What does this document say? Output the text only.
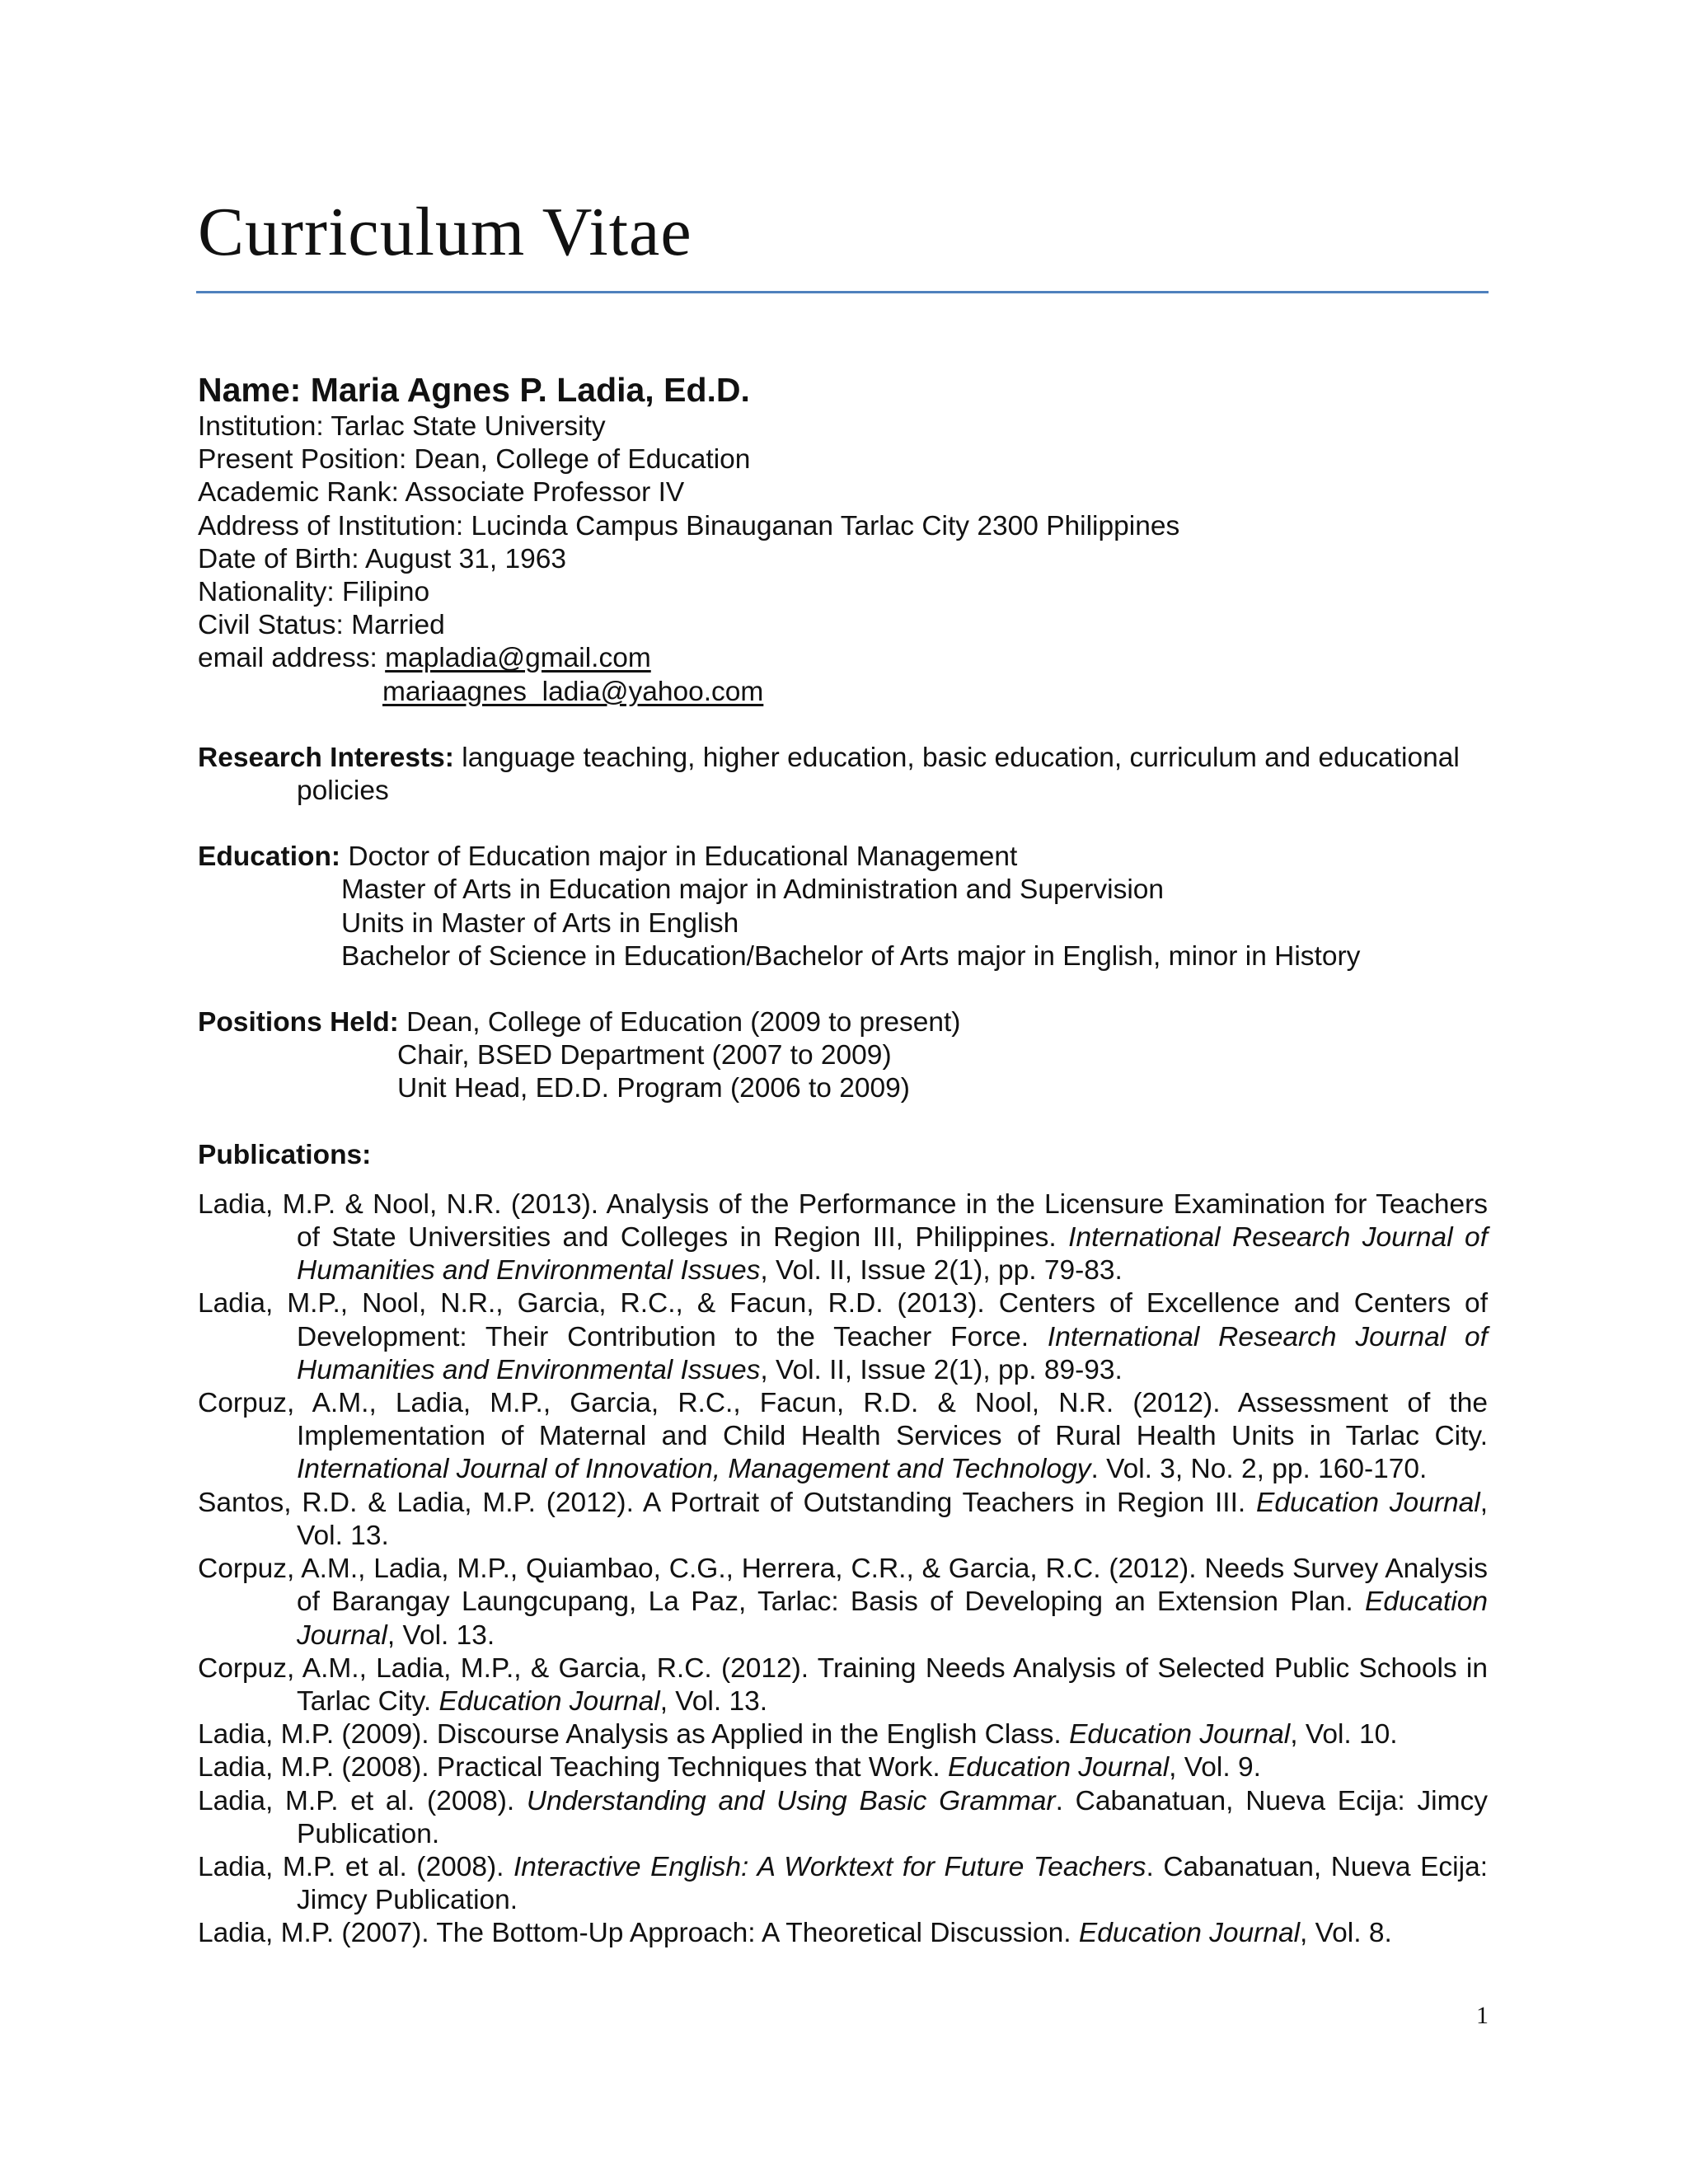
Curriculum Vitae
Name: Maria Agnes P. Ladia, Ed.D.
Institution: Tarlac State University
Present Position: Dean, College of Education
Academic Rank: Associate Professor IV
Address of Institution: Lucinda Campus Binauganan Tarlac City 2300 Philippines
Date of Birth: August 31, 1963
Nationality: Filipino
Civil Status: Married
email address: mapladia@gmail.com
mariaagnes_ladia@yahoo.com
Research Interests: language teaching, higher education, basic education, curriculum and educational policies
Education: Doctor of Education major in Educational Management
Master of Arts in Education major in Administration and Supervision
Units in Master of Arts in English
Bachelor of Science in Education/Bachelor of Arts major in English, minor in History
Positions Held: Dean, College of Education (2009 to present)
Chair, BSED Department (2007 to 2009)
Unit Head, ED.D. Program (2006 to 2009)
Publications:
Ladia, M.P. & Nool, N.R. (2013). Analysis of the Performance in the Licensure Examination for Teachers of State Universities and Colleges in Region III, Philippines. International Research Journal of Humanities and Environmental Issues, Vol. II, Issue 2(1), pp. 79-83.
Ladia, M.P., Nool, N.R., Garcia, R.C., & Facun, R.D. (2013). Centers of Excellence and Centers of Development: Their Contribution to the Teacher Force. International Research Journal of Humanities and Environmental Issues, Vol. II, Issue 2(1), pp. 89-93.
Corpuz, A.M., Ladia, M.P., Garcia, R.C., Facun, R.D. & Nool, N.R. (2012). Assessment of the Implementation of Maternal and Child Health Services of Rural Health Units in Tarlac City. International Journal of Innovation, Management and Technology. Vol. 3, No. 2, pp. 160-170.
Santos, R.D. & Ladia, M.P. (2012). A Portrait of Outstanding Teachers in Region III. Education Journal, Vol. 13.
Corpuz, A.M., Ladia, M.P., Quiambao, C.G., Herrera, C.R., & Garcia, R.C. (2012). Needs Survey Analysis of Barangay Laungcupang, La Paz, Tarlac: Basis of Developing an Extension Plan. Education Journal, Vol. 13.
Corpuz, A.M., Ladia, M.P., & Garcia, R.C. (2012). Training Needs Analysis of Selected Public Schools in Tarlac City. Education Journal, Vol. 13.
Ladia, M.P. (2009). Discourse Analysis as Applied in the English Class. Education Journal, Vol. 10.
Ladia, M.P. (2008). Practical Teaching Techniques that Work. Education Journal, Vol. 9.
Ladia, M.P. et al. (2008). Understanding and Using Basic Grammar. Cabanatuan, Nueva Ecija: Jimcy Publication.
Ladia, M.P. et al. (2008). Interactive English: A Worktext for Future Teachers. Cabanatuan, Nueva Ecija: Jimcy Publication.
Ladia, M.P. (2007). The Bottom-Up Approach: A Theoretical Discussion. Education Journal, Vol. 8.
1
